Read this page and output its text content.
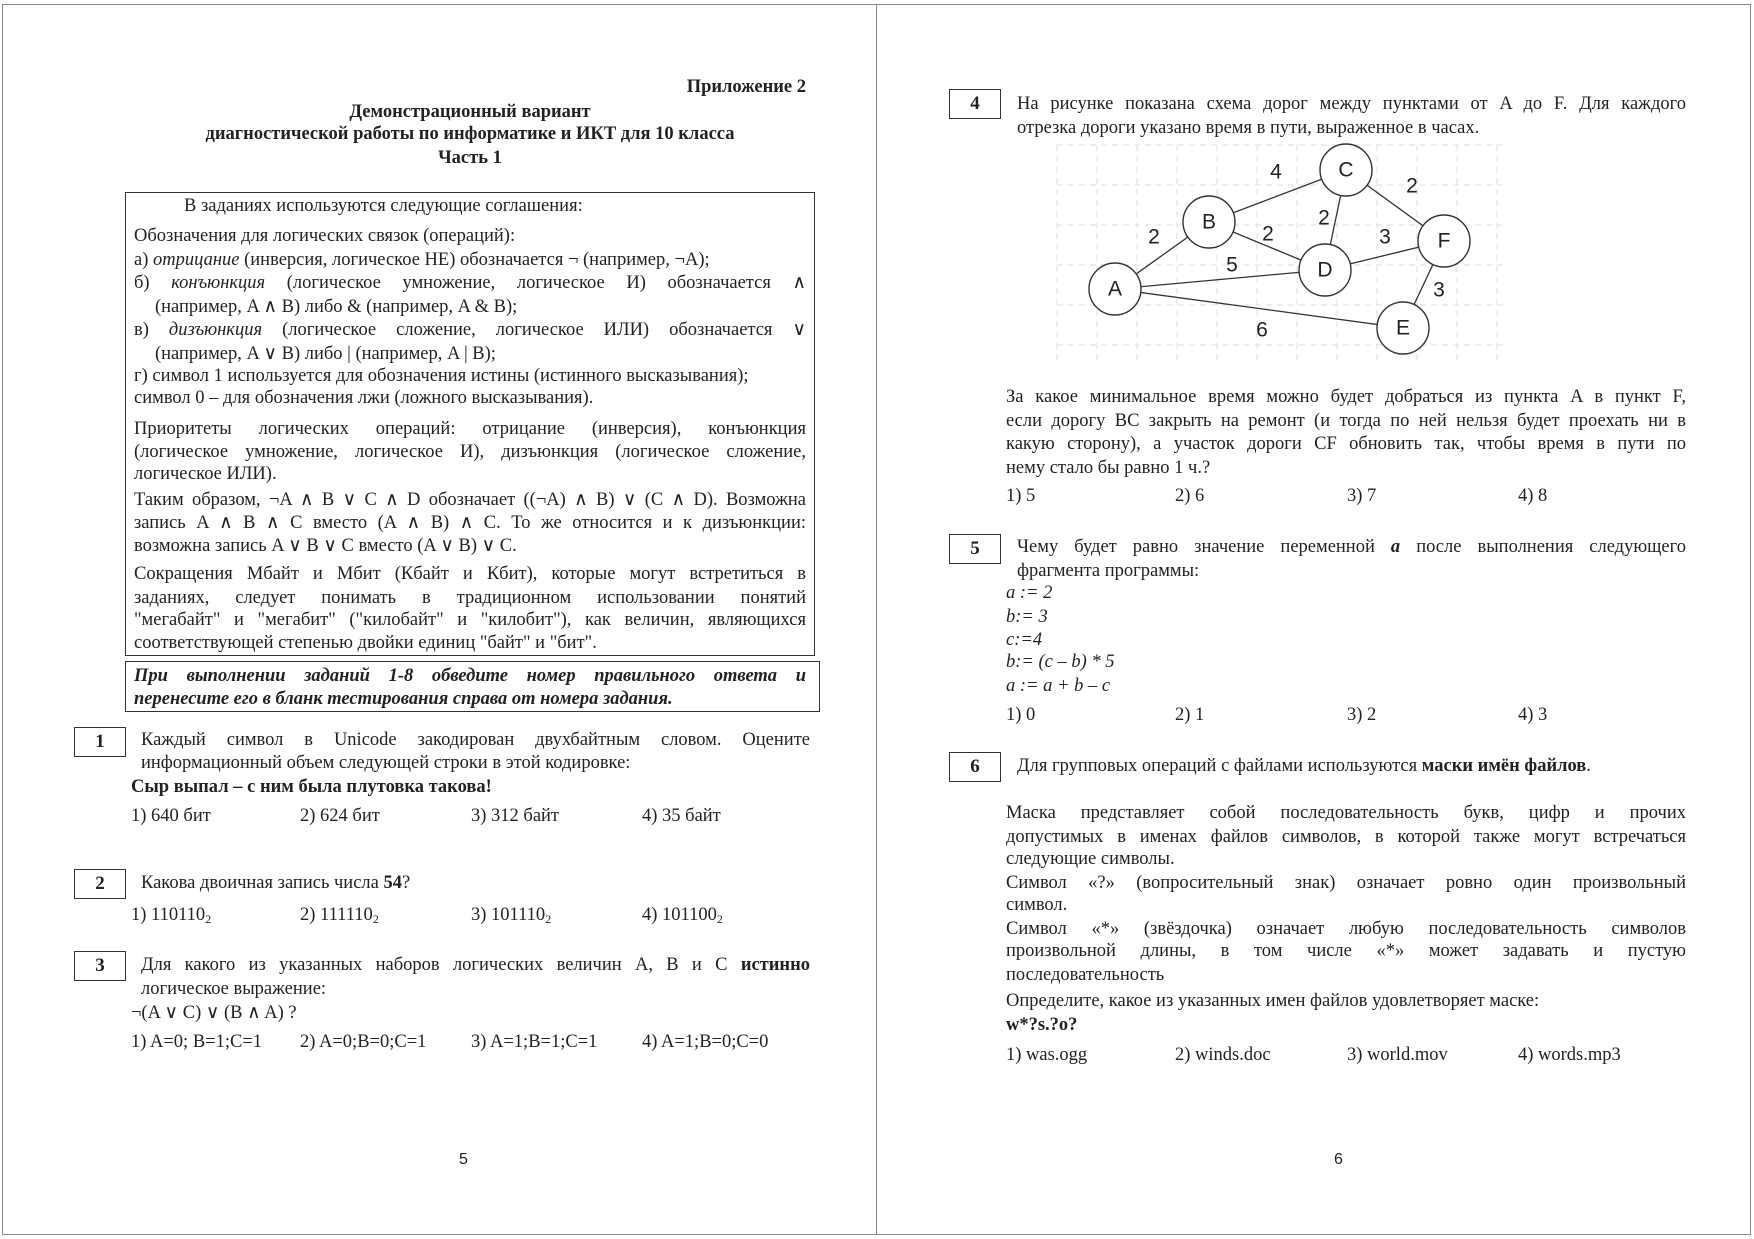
Приложение 2
Демонстрационный вариант
диагностической работы по информатике и ИКТ для 10 класса
Часть 1
В заданиях используются следующие соглашения:
Обозначения для логических связок (операций):
а) отрицание (инверсия, логическое НЕ) обозначается ¬ (например, ¬A);
б) конъюнкция (логическое умножение, логическое И) обозначается ∧
(например, A ∧ B) либо & (например, A & B);
в) дизъюнкция (логическое сложение, логическое ИЛИ) обозначается ∨
(например, A ∨ B) либо | (например, A | B);
г) символ 1 используется для обозначения истины (истинного высказывания);
символ 0 – для обозначения лжи (ложного высказывания).
Приоритеты логических операций: отрицание (инверсия), конъюнкция
(логическое умножение, логическое И), дизъюнкция (логическое сложение,
логическое ИЛИ).
Таким образом, ¬A ∧ B ∨ C ∧ D обозначает ((¬A) ∧ B) ∨ (C ∧ D). Возможна
запись A ∧ B ∧ C вместо (A ∧ B) ∧ C. То же относится и к дизъюнкции:
возможна запись A ∨ B ∨ C вместо (A ∨ B) ∨ C.
Сокращения Мбайт и Мбит (Кбайт и Кбит), которые могут встретиться в
заданиях, следует понимать в традиционном использовании понятий
"мегабайт" и "мегабит" ("килобайт" и "килобит"), как величин, являющихся
соответствующей степенью двойки единиц "байт" и "бит".
При выполнении заданий 1-8 обведите номер правильного ответа и
перенесите его в бланк тестирования справа от номера задания.
1	Каждый символ в Unicode закодирован двухбайтным словом. Оцените
информационный объем следующей строки в этой кодировке:
Сыр выпал – с ним была плутовка такова!
1) 640 бит	2) 624 бит	3) 312 байт	4) 35 байт
2	Какова двоичная запись числа 54?
1) $110110_2$	2) $111110_2$	3) $101110_2$	4) $101100_2$
3	Для какого из указанных наборов логических величин A, B и C истинно
логическое выражение:
¬(A ∨ C) ∨ (B ∧ A) ?
1) A=0; B=1;C=1 2) A=0;B=0;C=1 3) A=1;B=1;C=1 4) A=1;B=0;C=0
5
4	На рисунке показана схема дорог между пунктами от A до F. Для каждого
отрезка дороги указано время в пути, выраженное в часах.
2
5
6
4
2
2
2
3
3
A
B
C
D
E
F
За какое минимальное время можно будет добраться из пункта A в пункт F,
если дорогу BC закрыть на ремонт (и тогда по ней нельзя будет проехать ни в
какую сторону), а участок дороги CF обновить так, чтобы время в пути по
нему стало бы равно 1 ч.?
1) 5	2) 6	3) 7	4) 8
5	Чему будет равно значение переменной a после выполнения следующего
фрагмента программы:
a := 2
b:= 3
c:=4
b:= (c – b) * 5
a := a + b – c
1) 0	2) 1	3) 2	4) 3
6	Для групповых операций с файлами используются маски имён файлов.
Маска представляет собой последовательность букв, цифр и прочих
допустимых в именах файлов символов, в которой также могут встречаться
следующие символы.
Символ «?» (вопросительный знак) означает ровно один произвольный
символ.
Символ «*» (звёздочка) означает любую последовательность символов
произвольной длины, в том числе «*» может задавать и пустую
последовательность
Определите, какое из указанных имен файлов удовлетворяет маске:
w*?s.?o?
1) was.ogg	2) winds.doc	3) world.mov	4) words.mp3
6
